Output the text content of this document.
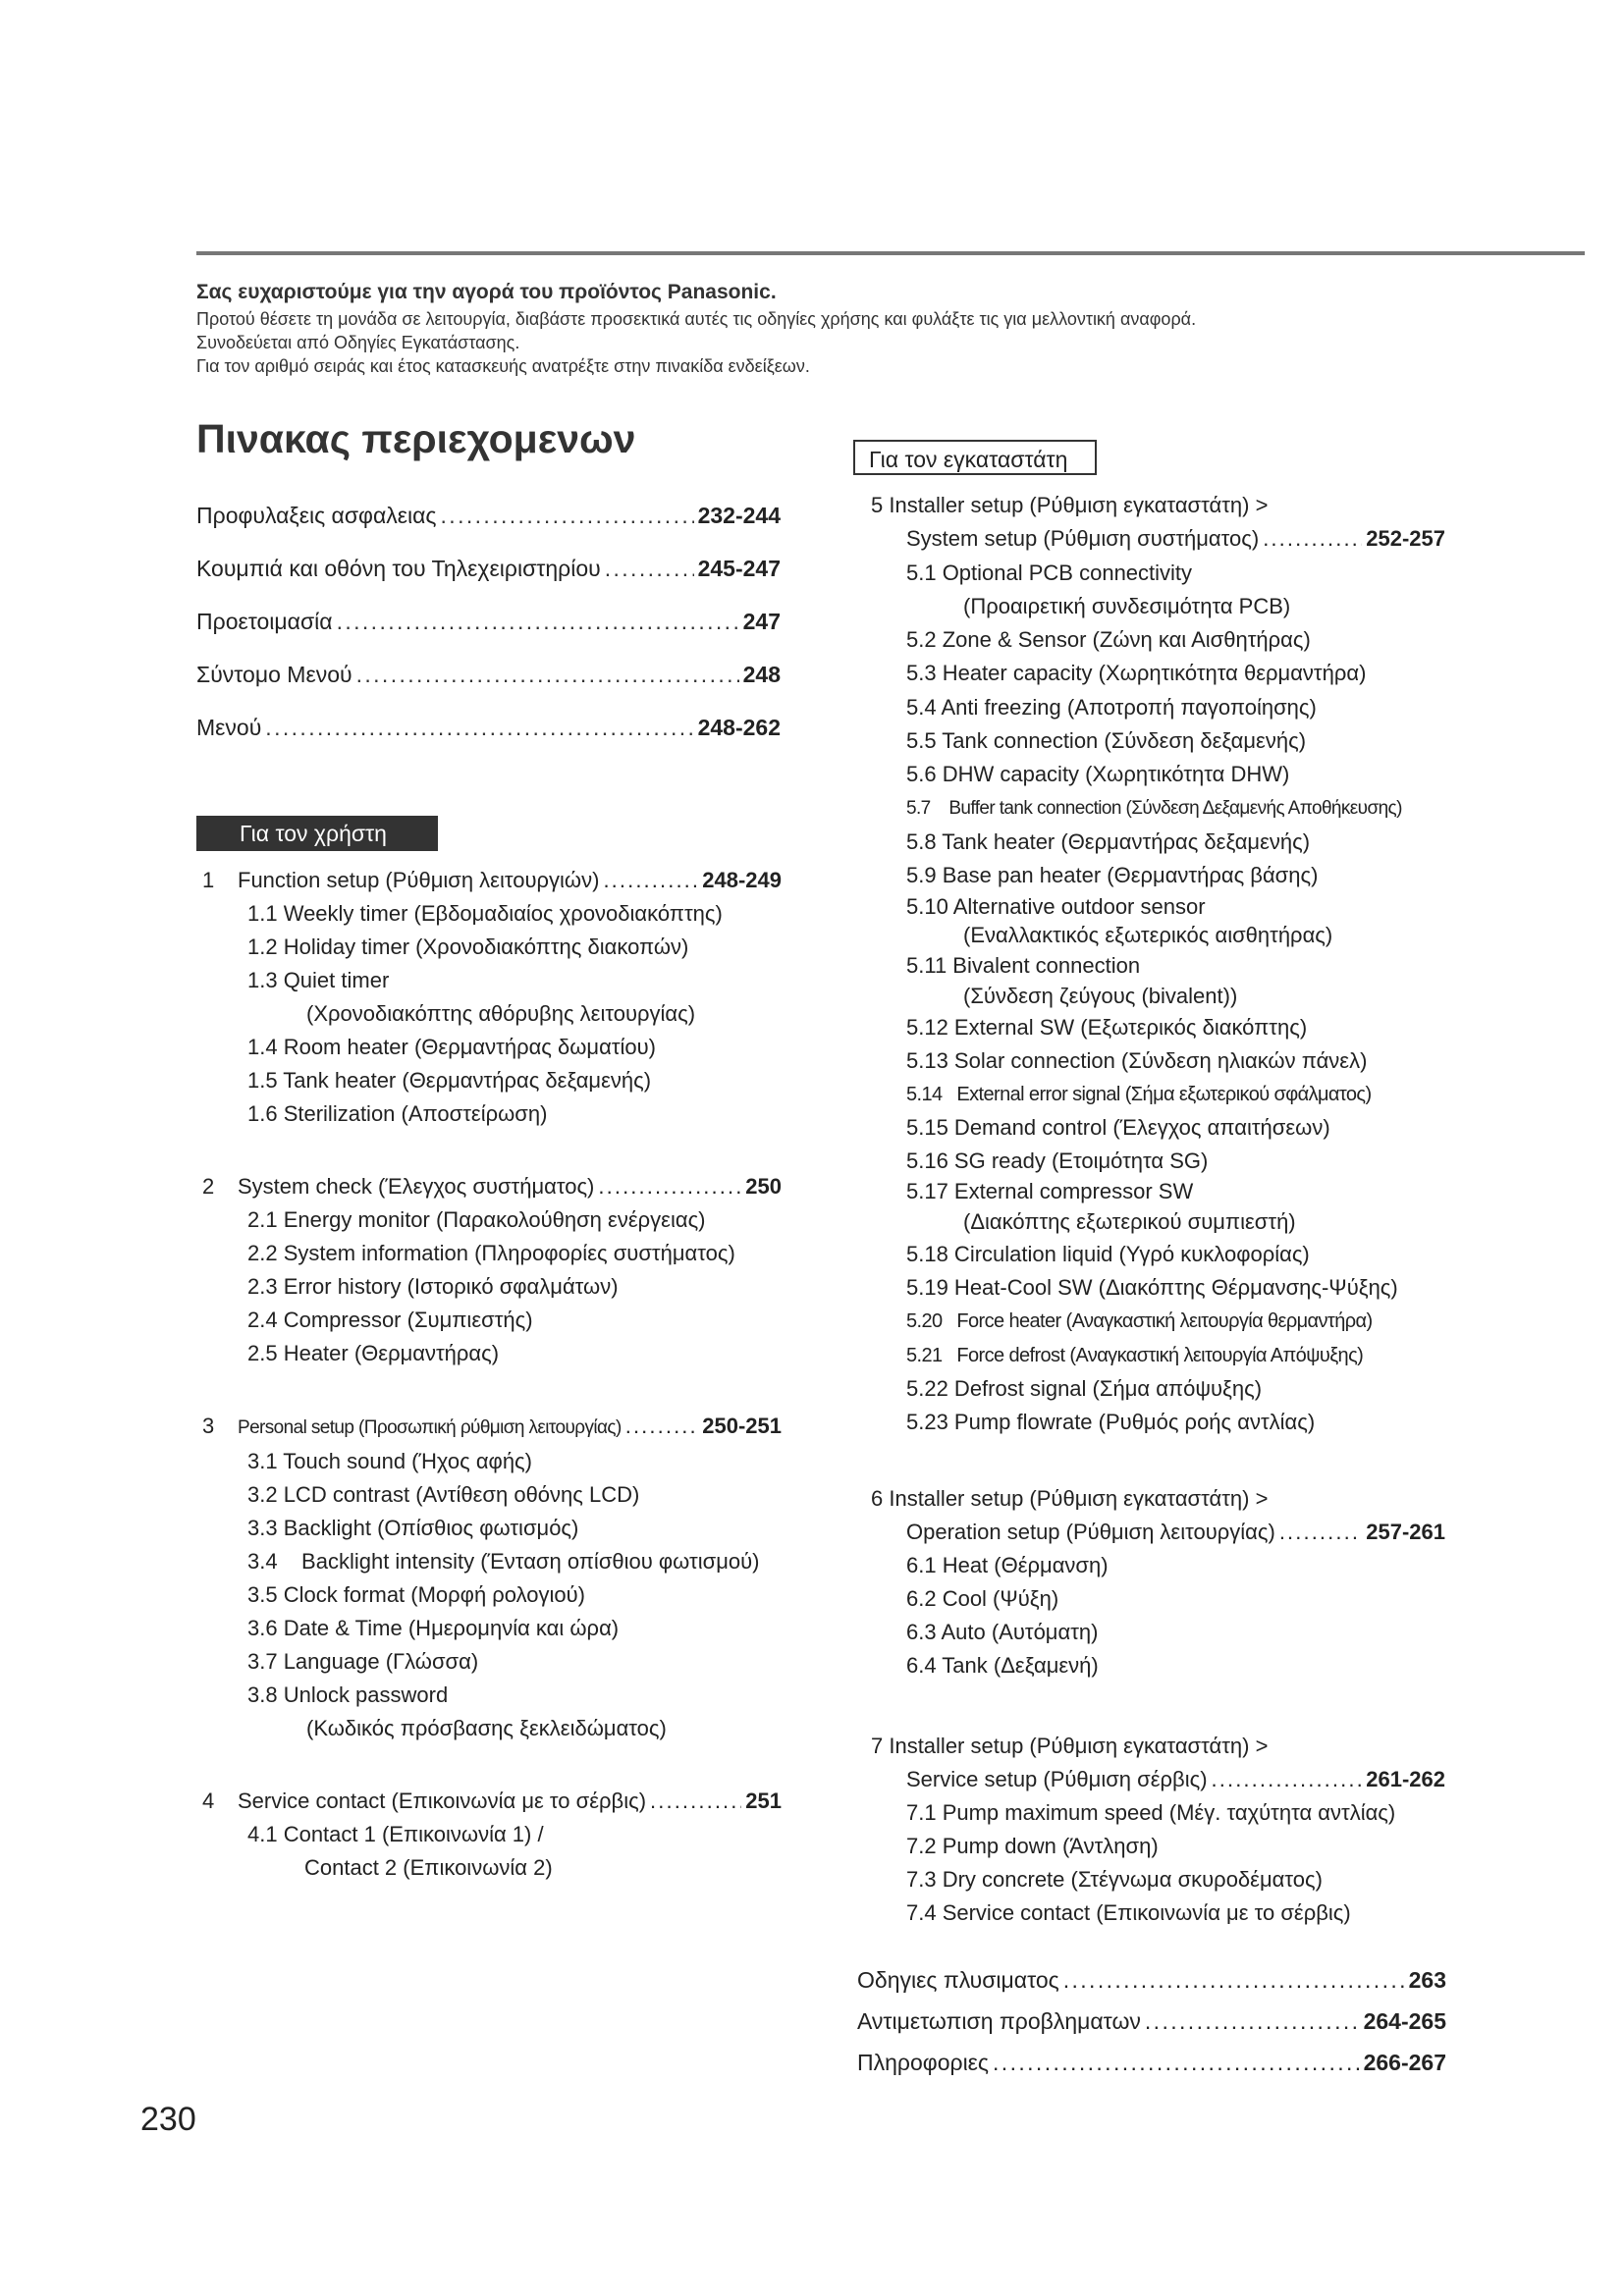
Σας ευχαριστούμε για την αγορά του προϊόντος Panasonic.
Προτού θέσετε τη μονάδα σε λειτουργία, διαβάστε προσεκτικά αυτές τις οδηγίες χρήσης και φυλάξτε τις για μελλοντική αναφορά.
Συνοδεύεται από Οδηγίες Εγκατάστασης.
Για τον αριθμό σειράς και έτος κατασκευής ανατρέξτε στην πινακίδα ενδείξεων.
Πινακας περιεχομενων
Προφυλαξεις ασφαλειας . . .	232-244
Κουμπιά και οθόνη του Τηλεχειριστηρίου . . .	245-247
Προετοιμασία . . .	247
Σύντομο Μενού . . .	248
Μενού . . .	248-262
Για τον χρήστη
Για τον εγκαταστάτη
1	Function setup (Ρύθμιση λειτουργιών) . . .	248-249
1.1 Weekly timer (Εβδομαδιαίος χρονοδιακόπτης)
1.2 Holiday timer (Χρονοδιακόπτης διακοπών)
1.3 Quiet timer
(Χρονοδιακόπτης αθόρυβης λειτουργίας)
1.4 Room heater (Θερμαντήρας δωματίου)
1.5 Tank heater (Θερμαντήρας δεξαμενής)
1.6 Sterilization (Αποστείρωση)
2	System check (Έλεγχος συστήματος) . . .	250
2.1 Energy monitor (Παρακολούθηση ενέργειας)
2.2 System information (Πληροφορίες συστήματος)
2.3 Error history (Ιστορικό σφαλμάτων)
2.4 Compressor (Συμπιεστής)
2.5 Heater (Θερμαντήρας)
3	Personal setup (Προσωπική ρύθμιση λειτουργίας) . . .	250-251
3.1 Touch sound (Ήχος αφής)
3.2 LCD contrast (Αντίθεση οθόνης LCD)
3.3 Backlight (Οπίσθιος φωτισμός)
3.4    Backlight intensity (Ένταση οπίσθιου φωτισμού)
3.5 Clock format (Μορφή ρολογιού)
3.6 Date & Time (Ημερομηνία και ώρα)
3.7 Language (Γλώσσα)
3.8 Unlock password
(Κωδικός πρόσβασης ξεκλειδώματος)
4	Service contact (Επικοινωνία με το σέρβις) . . .	251
4.1 Contact 1 (Επικοινωνία 1) /
Contact 2 (Επικοινωνία 2)
5 Installer setup (Ρύθμιση εγκαταστάτη) >
System setup (Ρύθμιση συστήματος) . . .	252-257
5.1 Optional PCB connectivity
(Προαιρετική συνδεσιμότητα PCB)
5.2 Zone & Sensor (Ζώνη και Αισθητήρας)
5.3 Heater capacity (Χωρητικότητα θερμαντήρα)
5.4 Anti freezing (Αποτροπή παγοποίησης)
5.5 Tank connection (Σύνδεση δεξαμενής)
5.6 DHW capacity (Χωρητικότητα DHW)
5.7    Buffer tank connection (Σύνδεση Δεξαμενής Αποθήκευσης)
5.8 Tank heater (Θερμαντήρας δεξαμενής)
5.9 Base pan heater (Θερμαντήρας βάσης)
5.10 Alternative outdoor sensor
(Εναλλακτικός εξωτερικός αισθητήρας)
5.11 Bivalent connection
(Σύνδεση ζεύγους (bivalent))
5.12 External SW (Εξωτερικός διακόπτης)
5.13 Solar connection (Σύνδεση ηλιακών πάνελ)
5.14   External error signal (Σήμα εξωτερικού σφάλματος)
5.15 Demand control (Έλεγχος απαιτήσεων)
5.16 SG ready (Ετοιμότητα SG)
5.17 External compressor SW
(Διακόπτης εξωτερικού συμπιεστή)
5.18 Circulation liquid (Υγρό κυκλοφορίας)
5.19 Heat-Cool SW (Διακόπτης Θέρμανσης-Ψύξης)
5.20   Force heater (Αναγκαστική λειτουργία θερμαντήρα)
5.21   Force defrost (Αναγκαστική λειτουργία Απόψυξης)
5.22 Defrost signal (Σήμα απόψυξης)
5.23 Pump flowrate (Ρυθμός ροής αντλίας)
6 Installer setup (Ρύθμιση εγκαταστάτη) >
Operation setup (Ρύθμιση λειτουργίας) . . .	257-261
6.1 Heat (Θέρμανση)
6.2 Cool (Ψύξη)
6.3 Auto (Αυτόματη)
6.4 Tank (Δεξαμενή)
7 Installer setup (Ρύθμιση εγκαταστάτη) >
Service setup (Ρύθμιση σέρβις) . . .	261-262
7.1 Pump maximum speed (Μέγ. ταχύτητα αντλίας)
7.2 Pump down (Άντληση)
7.3 Dry concrete (Στέγνωμα σκυροδέματος)
7.4 Service contact (Επικοινωνία με το σέρβις)
Οδηγιες πλυσιματος . . .	263
Αντιμετωπιση προβληματων . . .	264-265
Πληροφοριες . . .	266-267
230
